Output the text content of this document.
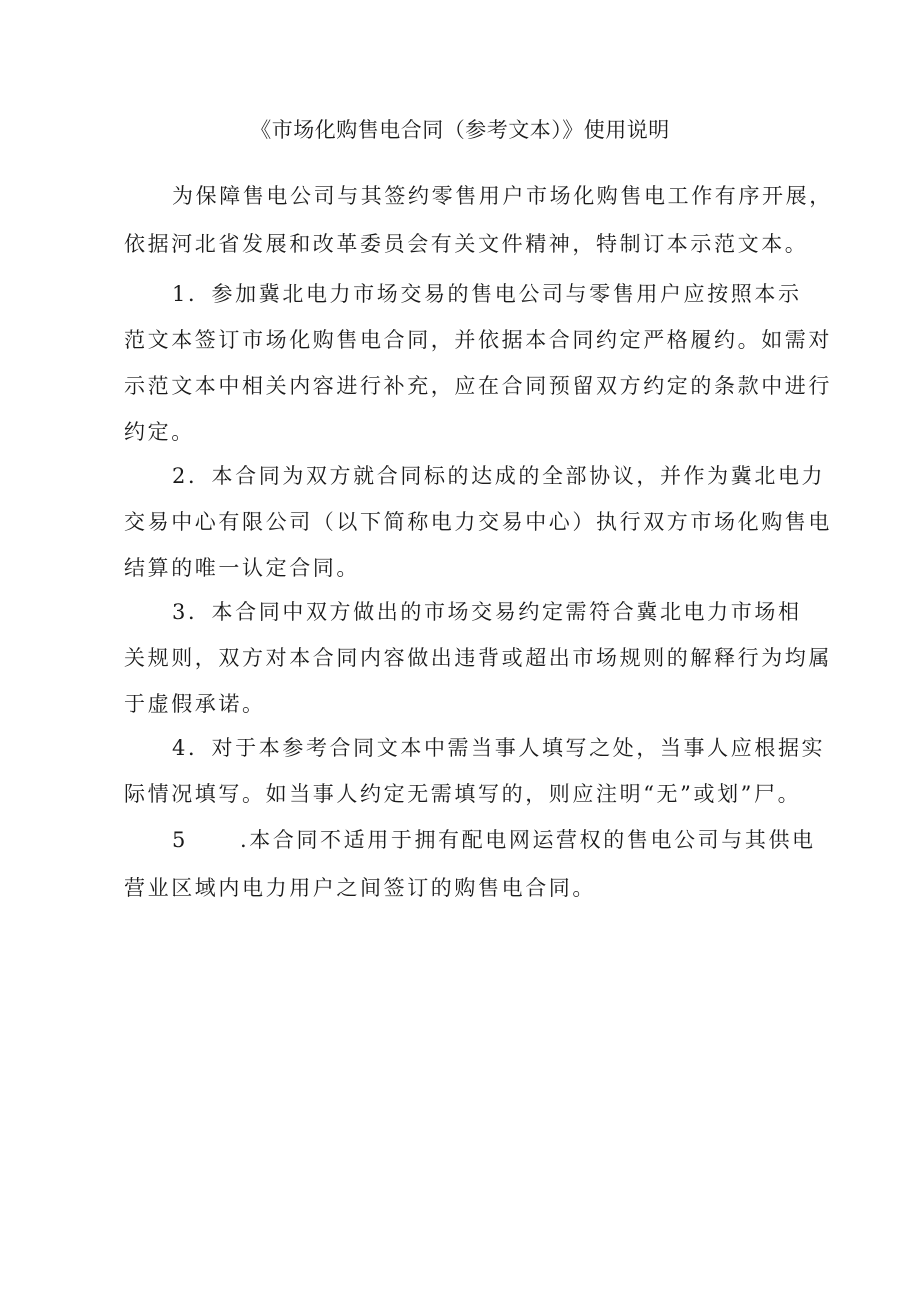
《市场化购售电合同（参考文本）》使用说明
为保障售电公司与其签约零售用户市场化购售电工作有序开展，
依据河北省发展和改革委员会有关文件精神，特制订本示范文本。
1．参加冀北电力市场交易的售电公司与零售用户应按照本示
范文本签订市场化购售电合同，并依据本合同约定严格履约。如需对
示范文本中相关内容进行补充，应在合同预留双方约定的条款中进行
约定。
2．本合同为双方就合同标的达成的全部协议，并作为冀北电力
交易中心有限公司（以下简称电力交易中心）执行双方市场化购售电
结算的唯一认定合同。
3．本合同中双方做出的市场交易约定需符合冀北电力市场相
关规则，双方对本合同内容做出违背或超出市场规则的解释行为均属
于虚假承诺。
4．对于本参考合同文本中需当事人填写之处，当事人应根据实
际情况填写。如当事人约定无需填写的，则应注明“无”或划”尸。
5 .本合同不适用于拥有配电网运营权的售电公司与其供电
营业区域内电力用户之间签订的购售电合同。
